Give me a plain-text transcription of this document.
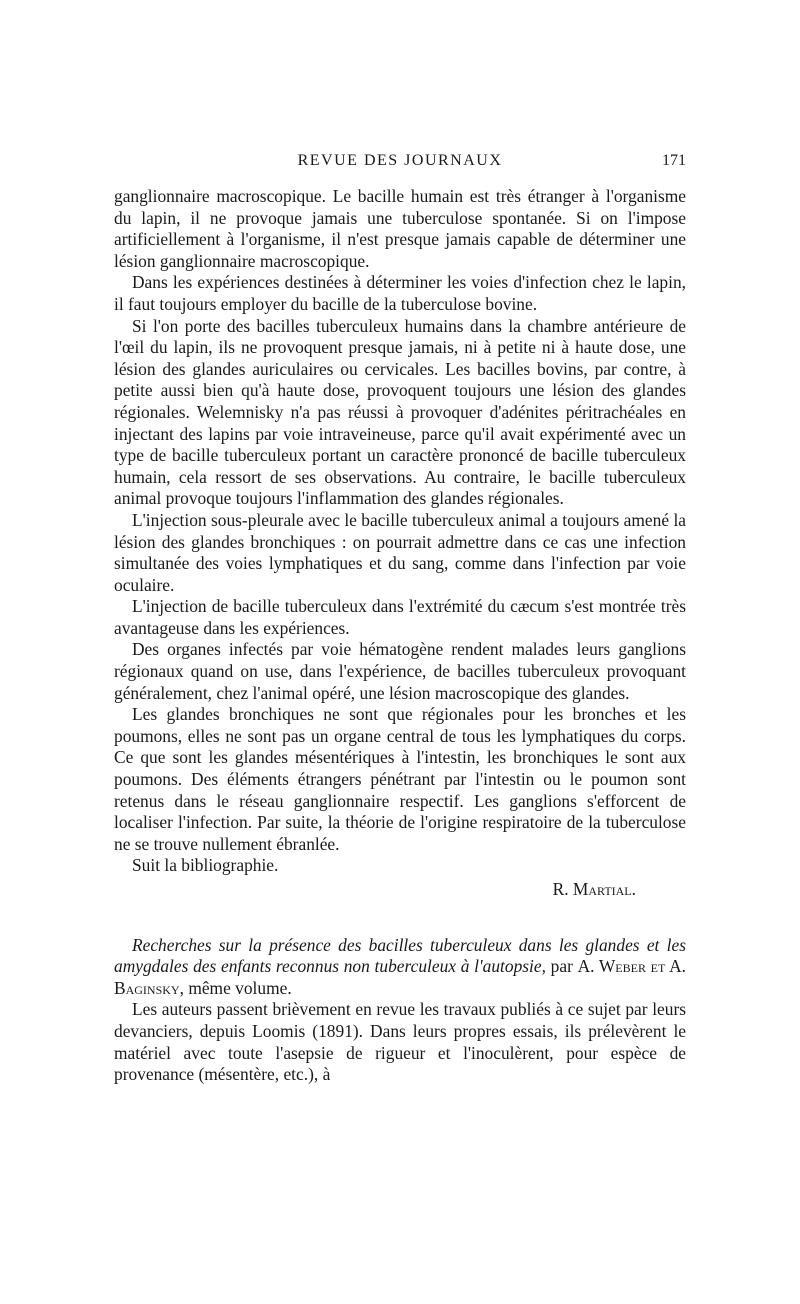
REVUE DES JOURNAUX	171

ganglionnaire macroscopique. Le bacille humain est très étranger à l'organisme du lapin, il ne provoque jamais une tuberculose spontanée. Si on l'impose artificiellement à l'organisme, il n'est presque jamais capable de déterminer une lésion ganglionnaire macroscopique.

Dans les expériences destinées à déterminer les voies d'infection chez le lapin, il faut toujours employer du bacille de la tuberculose bovine.

Si l'on porte des bacilles tuberculeux humains dans la chambre antérieure de l'œil du lapin, ils ne provoquent presque jamais, ni à petite ni à haute dose, une lésion des glandes auriculaires ou cervicales. Les bacilles bovins, par contre, à petite aussi bien qu'à haute dose, provoquent toujours une lésion des glandes régionales. Welemnisky n'a pas réussi à provoquer d'adénites péritrachéales en injectant des lapins par voie intraveineuse, parce qu'il avait expérimenté avec un type de bacille tuberculeux portant un caractère prononcé de bacille tuberculeux humain, cela ressort de ses observations. Au contraire, le bacille tuberculeux animal provoque toujours l'inflammation des glandes régionales.

L'injection sous-pleurale avec le bacille tuberculeux animal a toujours amené la lésion des glandes bronchiques : on pourrait admettre dans ce cas une infection simultanée des voies lymphatiques et du sang, comme dans l'infection par voie oculaire.

L'injection de bacille tuberculeux dans l'extrémité du cæcum s'est montrée très avantageuse dans les expériences.

Des organes infectés par voie hématogène rendent malades leurs ganglions régionaux quand on use, dans l'expérience, de bacilles tuberculeux provoquant généralement, chez l'animal opéré, une lésion macroscopique des glandes.

Les glandes bronchiques ne sont que régionales pour les bronches et les poumons, elles ne sont pas un organe central de tous les lymphatiques du corps. Ce que sont les glandes mésentériques à l'intestin, les bronchiques le sont aux poumons. Des éléments étrangers pénétrant par l'intestin ou le poumon sont retenus dans le réseau ganglionnaire respectif. Les ganglions s'efforcent de localiser l'infection. Par suite, la théorie de l'origine respiratoire de la tuberculose ne se trouve nullement ébranlée.

Suit la bibliographie.

R. Martial.

Recherches sur la présence des bacilles tuberculeux dans les glandes et les amygdales des enfants reconnus non tuberculeux à l'autopsie, par A. Weber et A. Baginsky, même volume.

Les auteurs passent brièvement en revue les travaux publiés à ce sujet par leurs devanciers, depuis Loomis (1891). Dans leurs propres essais, ils prélevèrent le matériel avec toute l'asepsie de rigueur et l'inoculèrent, pour espèce de provenance (mésentère, etc.), à
